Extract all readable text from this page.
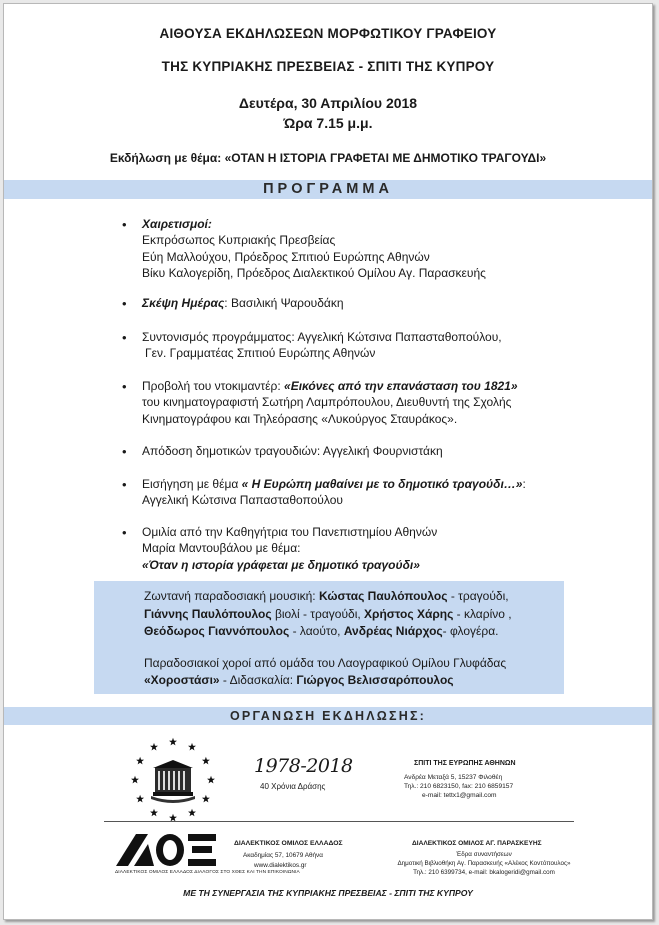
ΑΙΘΟΥΣΑ ΕΚΔΗΛΩΣΕΩΝ ΜΟΡΦΩΤΙΚΟΥ ΓΡΑΦΕΙΟΥ
ΤΗΣ ΚΥΠΡΙΑΚΗΣ ΠΡΕΣΒΕΙΑΣ - ΣΠΙΤΙ ΤΗΣ ΚΥΠΡΟΥ
Δευτέρα, 30 Απριλίου 2018
Ώρα 7.15 μ.μ.
Εκδήλωση με θέμα: «ΟΤΑΝ Η ΙΣΤΟΡΙΑ ΓΡΑΦΕΤΑΙ ΜΕ ΔΗΜΟΤΙΚΟ ΤΡΑΓΟΥΔΙ»
ΠΡΟΓΡΑΜΜΑ
• Χαιρετισμοί:
Εκπρόσωπος Κυπριακής Πρεσβείας
Εύη Μαλλούχου, Πρόεδρος Σπιτιού Ευρώπης Αθηνών
Βίκυ Καλογερίδη, Πρόεδρος Διαλεκτικού Ομίλου Αγ. Παρασκευής
• Σκέψη Ημέρας: Βασιλική Ψαρουδάκη
• Συντονισμός προγράμματος: Αγγελική Κώτσινα Παπασταθοπούλου,
Γεν. Γραμματέας Σπιτιού Ευρώπης Αθηνών
• Προβολή του ντοκιμαντέρ: «Εικόνες από την επανάσταση του 1821»
του κινηματογραφιστή Σωτήρη Λαμπρόπουλου, Διευθυντή της Σχολής
Κινηματογράφου και Τηλεόρασης «Λυκούργος Σταυράκος».
• Απόδοση δημοτικών τραγουδιών: Αγγελική Φουρνιστάκη
• Εισήγηση με θέμα « Η Ευρώπη μαθαίνει με το δημοτικό τραγούδι…»:
Αγγελική Κώτσινα Παπασταθοπούλου
• Ομιλία από την Καθηγήτρια του Πανεπιστημίου Αθηνών
Μαρία Μαντουβάλου με θέμα:
«Όταν η ιστορία γράφεται με δημοτικό τραγούδι»
Ζωντανή παραδοσιακή μουσική: Κώστας Παυλόπουλος - τραγούδι,
Γιάννης Παυλόπουλος βιολί - τραγούδι, Χρήστος Χάρης - κλαρίνο ,
Θεόδωρος Γιαννόπουλος - λαούτο, Ανδρέας Νιάρχος- φλογέρα.
Παραδοσιακοί χοροί από ομάδα του Λαογραφικού Ομίλου Γλυφάδας
«Χοροστάσι» - Διδασκαλία: Γιώργος Βελισσαρόπουλος
ΟΡΓΑΝΩΣΗ ΕΚΔΗΛΩΣΗΣ:
1978-2018
40 Χρόνια Δράσης
ΣΠΙΤΙ ΤΗΣ ΕΥΡΩΠΗΣ ΑΘΗΝΩΝ
Ανδρέα Μεταξά 5, 15237 Φιλοθέη
Τηλ.: 210 6823150, fax: 210 6859157
e-mail: tettx1@gmail.com
ΔΙΑΛΕΚΤΙΚΟΣ ΟΜΙΛΟΣ ΕΛΛΑΔΟΣ ΔΙΑΛΟΓΟΣ ΣΤΟ ΧΘΕΣ ΚΑΙ ΤΗΝ ΕΠΙΚΟΙΝΩΝΙΑ
ΔΙΑΛΕΚΤΙΚΟΣ ΟΜΙΛΟΣ ΕΛΛΑΔΟΣ
Ακαδημίας 57, 10679 Αθήνα
www.dialektikos.gr
ΔΙΑΛΕΚΤΙΚΟΣ ΟΜΙΛΟΣ ΑΓ. ΠΑΡΑΣΚΕΥΗΣ
Έδρα συναντήσεων
Δημοτική Βιβλιοθήκη Αγ. Παρασκευής «Αλέκος Κοντόπουλος»
Τηλ.: 210 6399734, e-mail: bkalogeridi@gmail.com
ΜΕ ΤΗ ΣΥΝΕΡΓΑΣΙΑ ΤΗΣ ΚΥΠΡΙΑΚΗΣ ΠΡΕΣΒΕΙΑΣ - ΣΠΙΤΙ ΤΗΣ ΚΥΠΡΟΥ
